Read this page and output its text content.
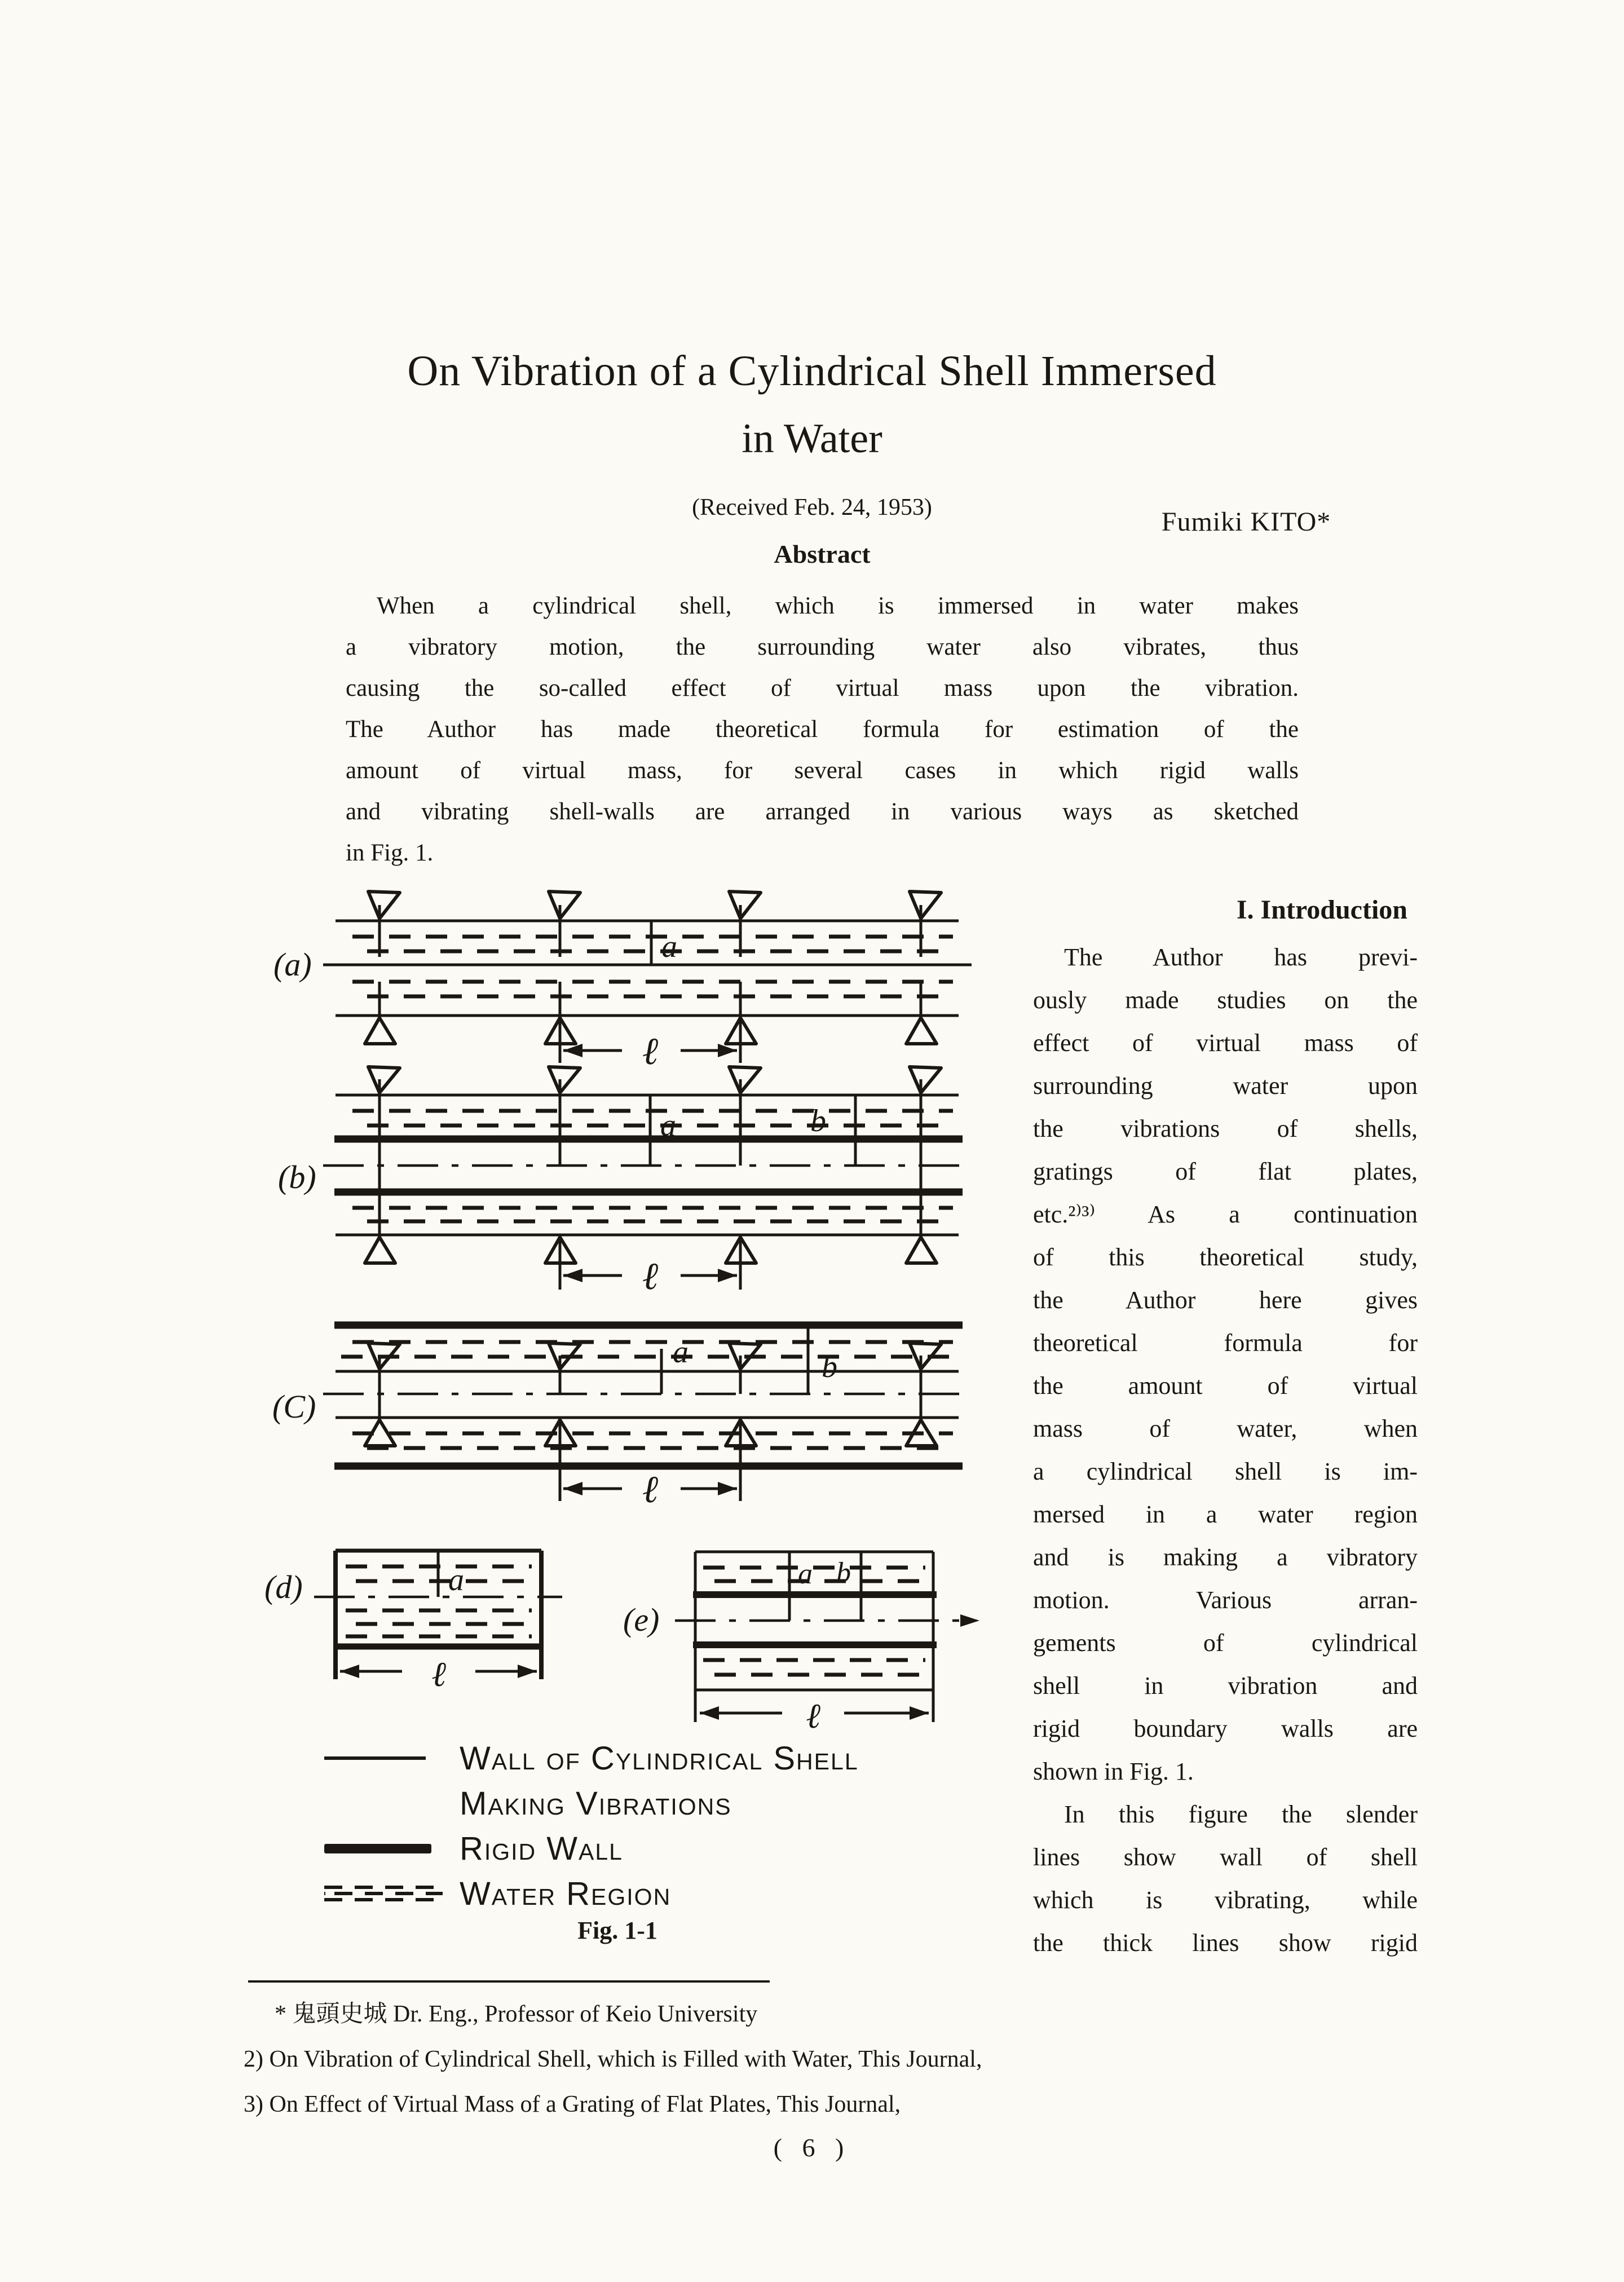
On Vibration of a Cylindrical Shell Immersed
in Water
(Received Feb. 24, 1953)	Fumiki KITO*
Abstract
When a cylindrical shell, which is immersed in water makes
a vibratory motion, the surrounding water also vibrates, thus
causing the so-called effect of virtual mass upon the vibration.
The Author has made theoretical formula for estimation of the
amount of virtual mass, for several cases in which rigid walls
and vibrating shell-walls are arranged in various ways as sketched
in Fig. 1.
I. Introduction
The Author has previ-
ously made studies on the
effect of virtual mass of
surrounding water upon
the vibrations of shells,
gratings of flat plates,
etc.²⁾³⁾ As a continuation
of this theoretical study,
the Author here gives
theoretical formula for
the amount of virtual
mass of water, when
a cylindrical shell is im-
mersed in a water region
and is making a vibratory
motion. Various arran-
gements of cylindrical
shell in vibration and
rigid boundary walls are
shown in Fig. 1.
In this figure the slender
lines show wall of shell
which is vibrating, while
the thick lines show rigid
(a)	a
ℓ
(b)
a	b
ℓ
(C)
a	b
ℓ
(d)	a
ℓ
(e)
a b
ℓ
Wall of Cylindrical Shell
Making Vibrations
Rigid Wall
Water Region
Fig. 1-1
* 鬼頭史城 Dr. Eng., Professor of Keio University
2) On Vibration of Cylindrical Shell, which is Filled with Water, This Journal,
3) On Effect of Virtual Mass of a Grating of Flat Plates, This Journal,
( 6 )
